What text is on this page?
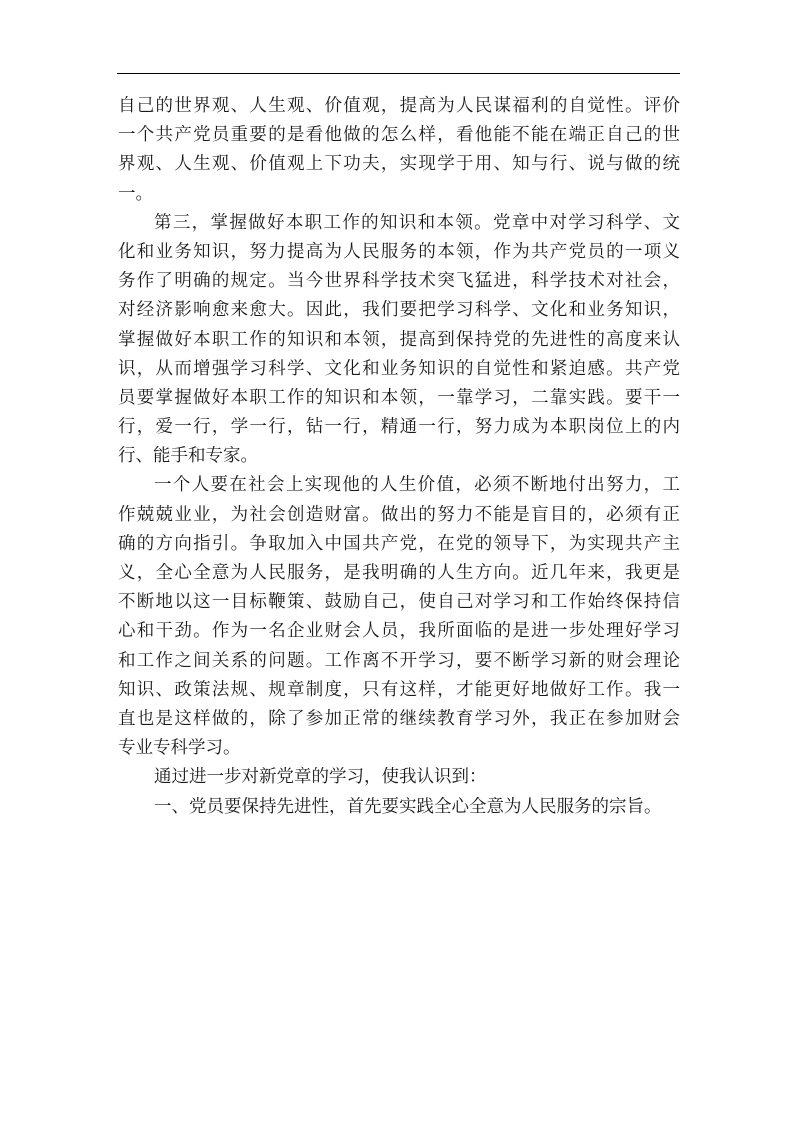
自己的世界观、人生观、价值观，提高为人民谋福利的自觉性。评价
一个共产党员重要的是看他做的怎么样，看他能不能在端正自己的世
界观、人生观、价值观上下功夫，实现学于用、知与行、说与做的统
一。
第三，掌握做好本职工作的知识和本领。党章中对学习科学、文
化和业务知识，努力提高为人民服务的本领，作为共产党员的一项义
务作了明确的规定。当今世界科学技术突飞猛进，科学技术对社会，
对经济影响愈来愈大。因此，我们要把学习科学、文化和业务知识，
掌握做好本职工作的知识和本领，提高到保持党的先进性的高度来认
识，从而增强学习科学、文化和业务知识的自觉性和紧迫感。共产党
员要掌握做好本职工作的知识和本领，一靠学习，二靠实践。要干一
行，爱一行，学一行，钻一行，精通一行，努力成为本职岗位上的内
行、能手和专家。
一个人要在社会上实现他的人生价值，必须不断地付出努力，工
作兢兢业业，为社会创造财富。做出的努力不能是盲目的，必须有正
确的方向指引。争取加入中国共产党，在党的领导下，为实现共产主
义，全心全意为人民服务，是我明确的人生方向。近几年来，我更是
不断地以这一目标鞭策、鼓励自己，使自己对学习和工作始终保持信
心和干劲。作为一名企业财会人员，我所面临的是进一步处理好学习
和工作之间关系的问题。工作离不开学习，要不断学习新的财会理论
知识、政策法规、规章制度，只有这样，才能更好地做好工作。我一
直也是这样做的，除了参加正常的继续教育学习外，我正在参加财会
专业专科学习。
通过进一步对新党章的学习，使我认识到：
一、党员要保持先进性，首先要实践全心全意为人民服务的宗旨。
